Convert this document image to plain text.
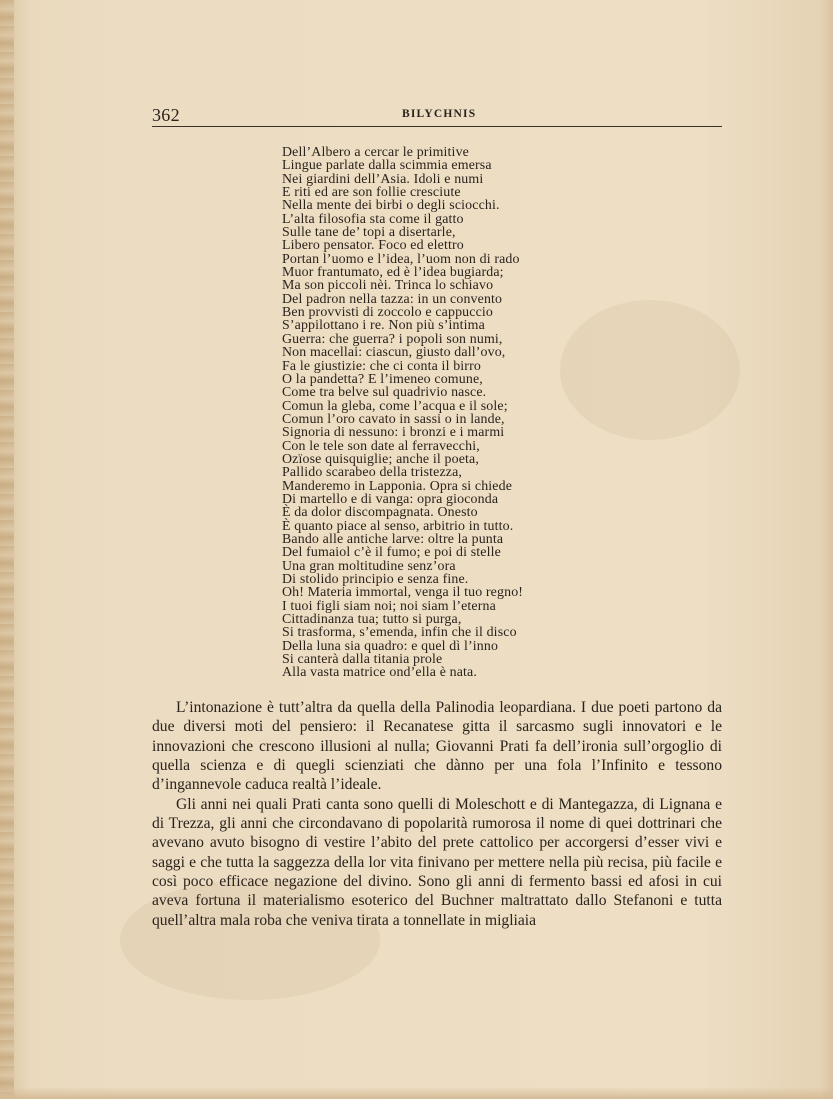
362	BILYCHNIS
Dell’Albero a cercar le primitive
Lingue parlate dalla scimmia emersa
Nei giardini dell’Asia. Idoli e numi
E riti ed are son follie cresciute
Nella mente dei birbi o degli sciocchi.
L’alta filosofia sta come il gatto
Sulle tane de’ topi a disertarle,
Libero pensator. Foco ed elettro
Portan l’uomo e l’idea, l’uom non di rado
Muor frantumato, ed è l’idea bugiarda;
Ma son piccoli nèi. Trinca lo schiavo
Del padron nella tazza: in un convento
Ben provvisti di zoccolo e cappuccio
S’appilottano i re. Non più s’intima
Guerra: che guerra? i popoli son numi,
Non macellai: ciascun, giusto dall’ovo,
Fa le giustizie: che ci conta il birro
O la pandetta? E l’imeneo comune,
Come tra belve sul quadrivio nasce.
Comun la gleba, come l’acqua e il sole;
Comun l’oro cavato in sassi o in lande,
Signoria di nessuno: i bronzi e i marmi
Con le tele son date al ferravecchi,
Ozïose quisquiglie; anche il poeta,
Pallido scarabeo della tristezza,
Manderemo in Lapponia. Opra si chiede
Di martello e di vanga: opra gioconda
È da dolor discompagnata. Onesto
È quanto piace al senso, arbitrio in tutto.
Bando alle antiche larve: oltre la punta
Del fumaiol c’è il fumo; e poi di stelle
Una gran moltitudine senz’ora
Di stolido principio e senza fine.
Oh! Materia immortal, venga il tuo regno!
I tuoi figli siam noi; noi siam l’eterna
Cittadinanza tua; tutto si purga,
Si trasforma, s’emenda, infin che il disco
Della luna sia quadro: e quel dì l’inno
Si canterà dalla titania prole
Alla vasta matrice ond’ella è nata.

L’intonazione è tutt’altra da quella della Palinodia leopardiana. I due poeti partono da due diversi moti del pensiero: il Recanatese gitta il sarcasmo sugli innovatori e le innovazioni che crescono illusioni al nulla; Giovanni Prati fa dell’ironia sull’orgoglio di quella scienza e di quegli scienziati che dànno per una fola l’Infinito e tessono d’ingannevole caduca realtà l’ideale.

Gli anni nei quali Prati canta sono quelli di Moleschott e di Mantegazza, di Lignana e di Trezza, gli anni che circondavano di popolarità rumorosa il nome di quei dottrinari che avevano avuto bisogno di vestire l’abito del prete cattolico per accorgersi d’esser vivi e saggi e che tutta la saggezza della lor vita finivano per mettere nella più recisa, più facile e così poco efficace negazione del divino. Sono gli anni di fermento bassi ed afosi in cui aveva fortuna il materialismo esoterico del Buchner maltrattato dallo Stefanoni e tutta quell’altra mala roba che veniva tirata a tonnellate in migliaia
